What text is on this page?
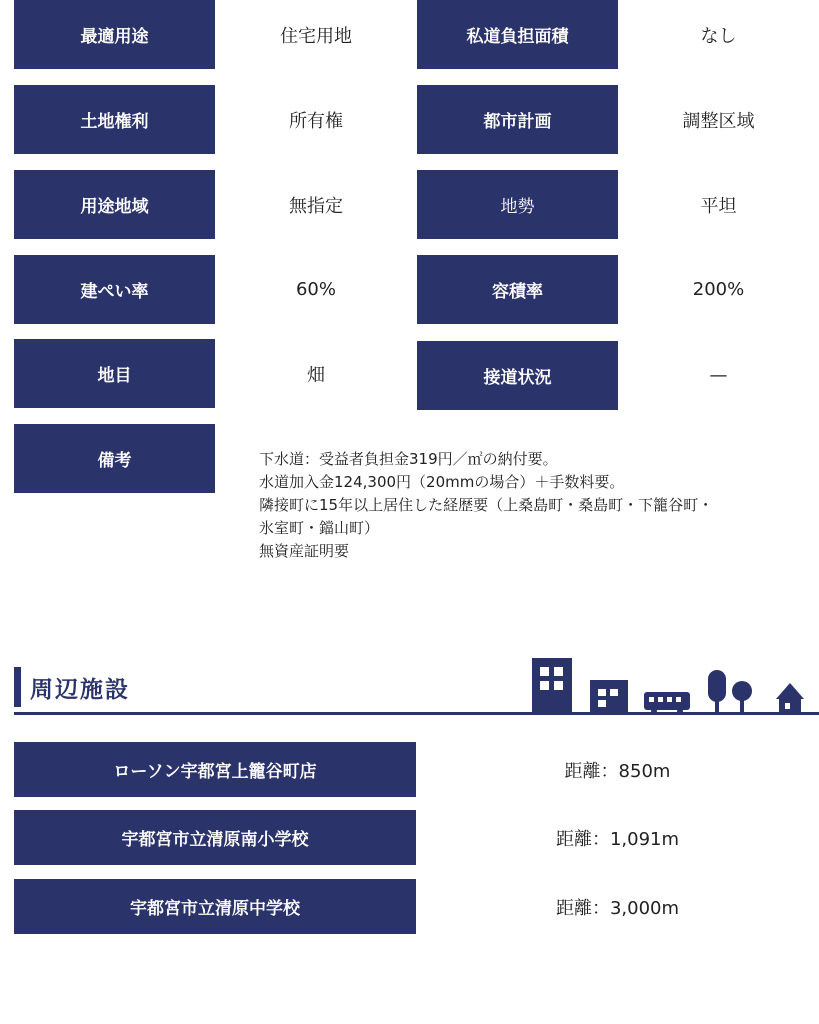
最適用途	住宅用地	私道負担面積	なし
土地権利	所有権	都市計画	調整区域
用途地域	無指定	地勢	平坦
建ぺい率	60%	容積率	200%
地目	畑	接道状況	—
備考	下水道：受益者負担金319円／㎡の納付要。
水道加入金124,300円（20mmの場合）＋手数料要。
隣接町に15年以上居住した経歴要（上桑島町・桑島町・下籠谷町・
氷室町・鐺山町）
無資産証明要
周辺施設
ローソン宇都宮上籠谷町店	距離：850m
宇都宮市立清原南小学校	距離：1,091m
宇都宮市立清原中学校	距離：3,000m
